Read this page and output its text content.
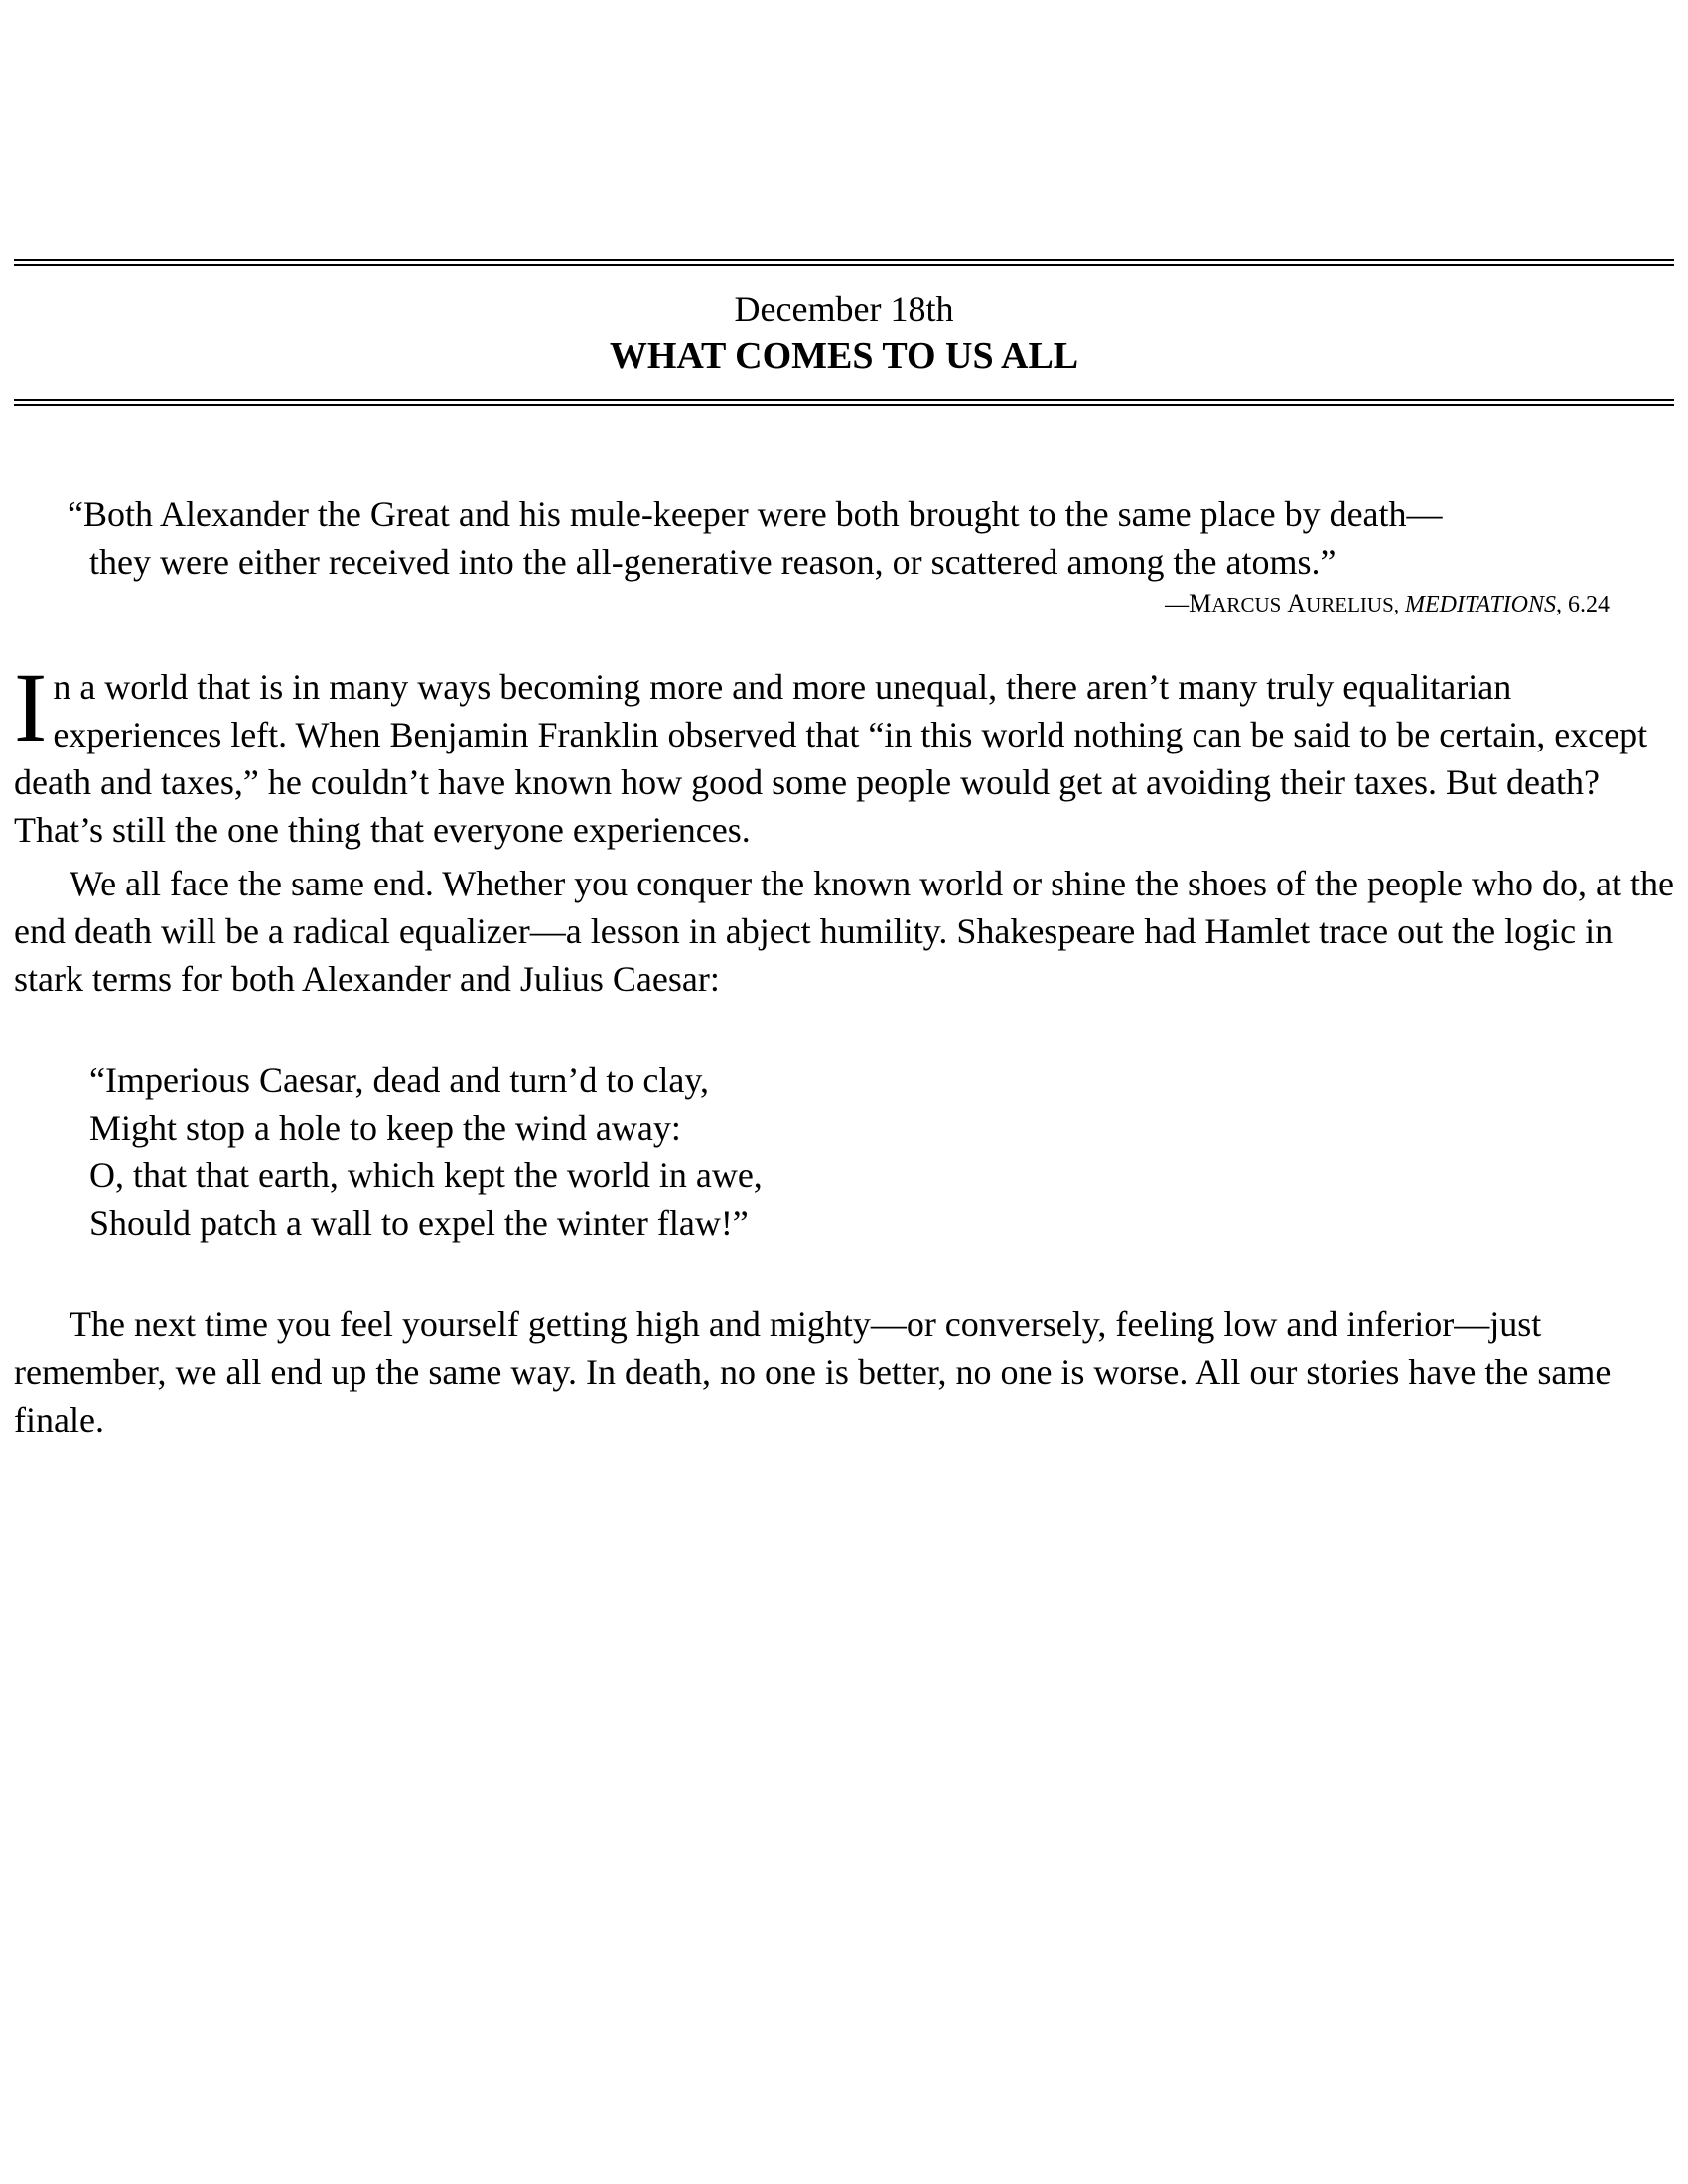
December 18th
WHAT COMES TO US ALL
“Both Alexander the Great and his mule-keeper were both brought to the same place by death—
they were either received into the all-generative reason, or scattered among the atoms.”
—MARCUS AURELIUS, MEDITATIONS, 6.24
In a world that is in many ways becoming more and more unequal, there aren’t many truly equalitarian experiences left. When Benjamin Franklin observed that “in this world nothing can be said to be certain, except death and taxes,” he couldn’t have known how good some people would get at avoiding their taxes. But death? That’s still the one thing that everyone experiences.
We all face the same end. Whether you conquer the known world or shine the shoes of the people who do, at the end death will be a radical equalizer—a lesson in abject humility. Shakespeare had Hamlet trace out the logic in stark terms for both Alexander and Julius Caesar:
“Imperious Caesar, dead and turn’d to clay,
Might stop a hole to keep the wind away:
O, that that earth, which kept the world in awe,
Should patch a wall to expel the winter flaw!”
The next time you feel yourself getting high and mighty—or conversely, feeling low and inferior—just remember, we all end up the same way. In death, no one is better, no one is worse. All our stories have the same finale.
